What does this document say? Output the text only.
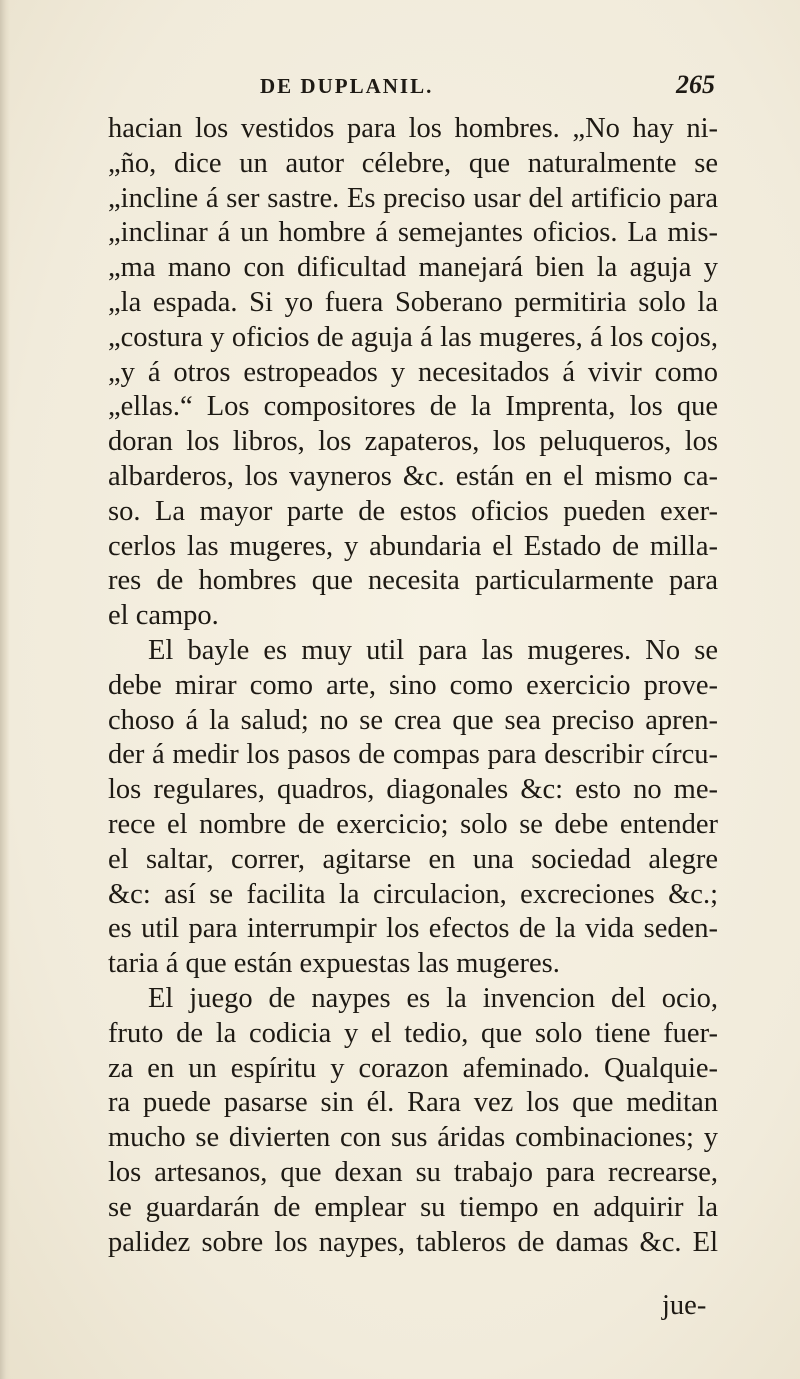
DE DUPLANIL.	265
hacian los vestidos para los hombres. „No hay ni-
„ño, dice un autor célebre, que naturalmente se
„incline á ser sastre. Es preciso usar del artificio para
„inclinar á un hombre á semejantes oficios. La mis-
„ma mano con dificultad manejará bien la aguja y
„la espada. Si yo fuera Soberano permitiria solo la
„costura y oficios de aguja á las mugeres, á los cojos,
„y á otros estropeados y necesitados á vivir como
„ellas.“ Los compositores de la Imprenta, los que
doran los libros, los zapateros, los peluqueros, los
albarderos, los vayneros &c. están en el mismo ca-
so. La mayor parte de estos oficios pueden exer-
cerlos las mugeres, y abundaria el Estado de milla-
res de hombres que necesita particularmente para
el campo.
El bayle es muy util para las mugeres. No se
debe mirar como arte, sino como exercicio prove-
choso á la salud; no se crea que sea preciso apren-
der á medir los pasos de compas para describir círcu-
los regulares, quadros, diagonales &c: esto no me-
rece el nombre de exercicio; solo se debe entender
el saltar, correr, agitarse en una sociedad alegre
&c: así se facilita la circulacion, excreciones &c.;
es util para interrumpir los efectos de la vida seden-
taria á que están expuestas las mugeres.
El juego de naypes es la invencion del ocio,
fruto de la codicia y el tedio, que solo tiene fuer-
za en un espíritu y corazon afeminado. Qualquie-
ra puede pasarse sin él. Rara vez los que meditan
mucho se divierten con sus áridas combinaciones; y
los artesanos, que dexan su trabajo para recrearse,
se guardarán de emplear su tiempo en adquirir la
palidez sobre los naypes, tableros de damas &c. El
jue-
